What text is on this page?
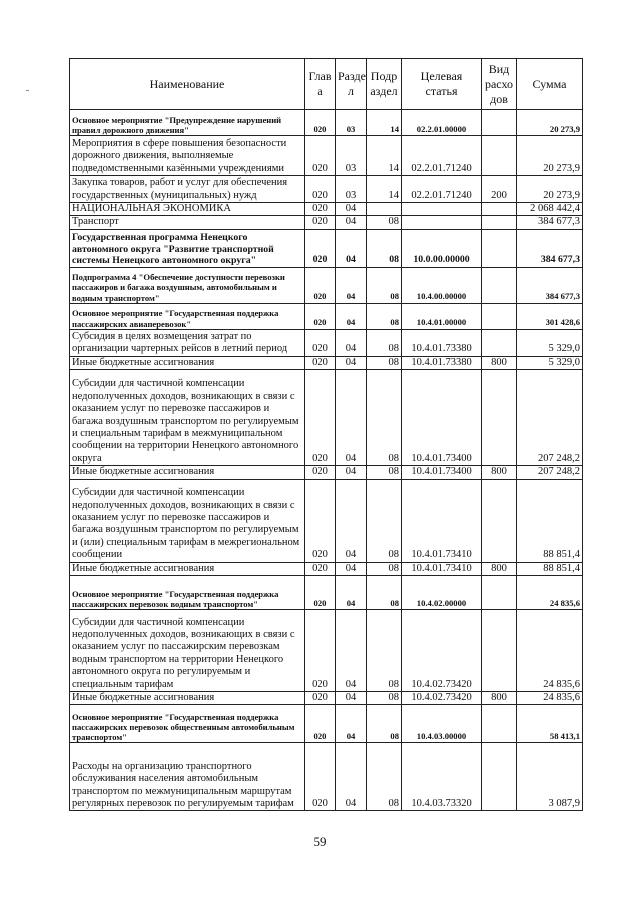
Наименование	Глав а	Разде л	Подр аздел	Целевая статья	Вид расхо дов	Сумма
Основное мероприятие "Предупреждение нарушений правил дорожного движения"	020	03	14	02.2.01.00000		20 273,9
Мероприятия в сфере повышения безопасности дорожного движения, выполняемые подведомственными казёнными учреждениями	020	03	14	02.2.01.71240		20 273,9
Закупка товаров, работ и услуг для обеспечения государственных (муниципальных) нужд	020	03	14	02.2.01.71240	200	20 273,9
НАЦИОНАЛЬНАЯ ЭКОНОМИКА	020	04				2 068 442,4
Транспорт	020	04	08			384 677,3
Государственная программа Ненецкого автономного округа "Развитие транспортной системы Ненецкого автономного округа"	020	04	08	10.0.00.00000		384 677,3
Подпрограмма 4 "Обеспечение доступности перевозки пассажиров и багажа воздушным, автомобильным и водным транспортом"	020	04	08	10.4.00.00000		384 677,3
Основное мероприятие "Государственная поддержка пассажирских авиаперевозок"	020	04	08	10.4.01.00000		301 428,6
Субсидия в целях возмещения затрат по организации чартерных рейсов в летний период	020	04	08	10.4.01.73380		5 329,0
Иные бюджетные ассигнования	020	04	08	10.4.01.73380	800	5 329,0
Субсидии для частичной компенсации недополученных доходов, возникающих в связи с оказанием услуг по перевозке пассажиров и багажа воздушным транспортом по регулируемым и специальным тарифам в межмуниципальном сообщении на территории Ненецкого автономного округа	020	04	08	10.4.01.73400		207 248,2
Иные бюджетные ассигнования	020	04	08	10.4.01.73400	800	207 248,2
Субсидии для частичной компенсации недополученных доходов, возникающих в связи с оказанием услуг по перевозке пассажиров и багажа воздушным транспортом по регулируемым и (или) специальным тарифам в межрегиональном сообщении	020	04	08	10.4.01.73410		88 851,4
Иные бюджетные ассигнования	020	04	08	10.4.01.73410	800	88 851,4
Основное мероприятие "Государственная поддержка пассажирских перевозок водным транспортом"	020	04	08	10.4.02.00000		24 835,6
Субсидии для частичной компенсации недополученных доходов, возникающих в связи с оказанием услуг по пассажирским перевозкам водным транспортом на территории Ненецкого автономного округа по регулируемым и специальным тарифам	020	04	08	10.4.02.73420		24 835,6
Иные бюджетные ассигнования	020	04	08	10.4.02.73420	800	24 835,6
Основное мероприятие "Государственная поддержка пассажирских перевозок общественным автомобильным транспортом"	020	04	08	10.4.03.00000		58 413,1
Расходы на организацию транспортного обслуживания населения автомобильным транспортом по межмуниципальным маршрутам регулярных перевозок по регулируемым тарифам	020	04	08	10.4.03.73320		3 087,9
59
